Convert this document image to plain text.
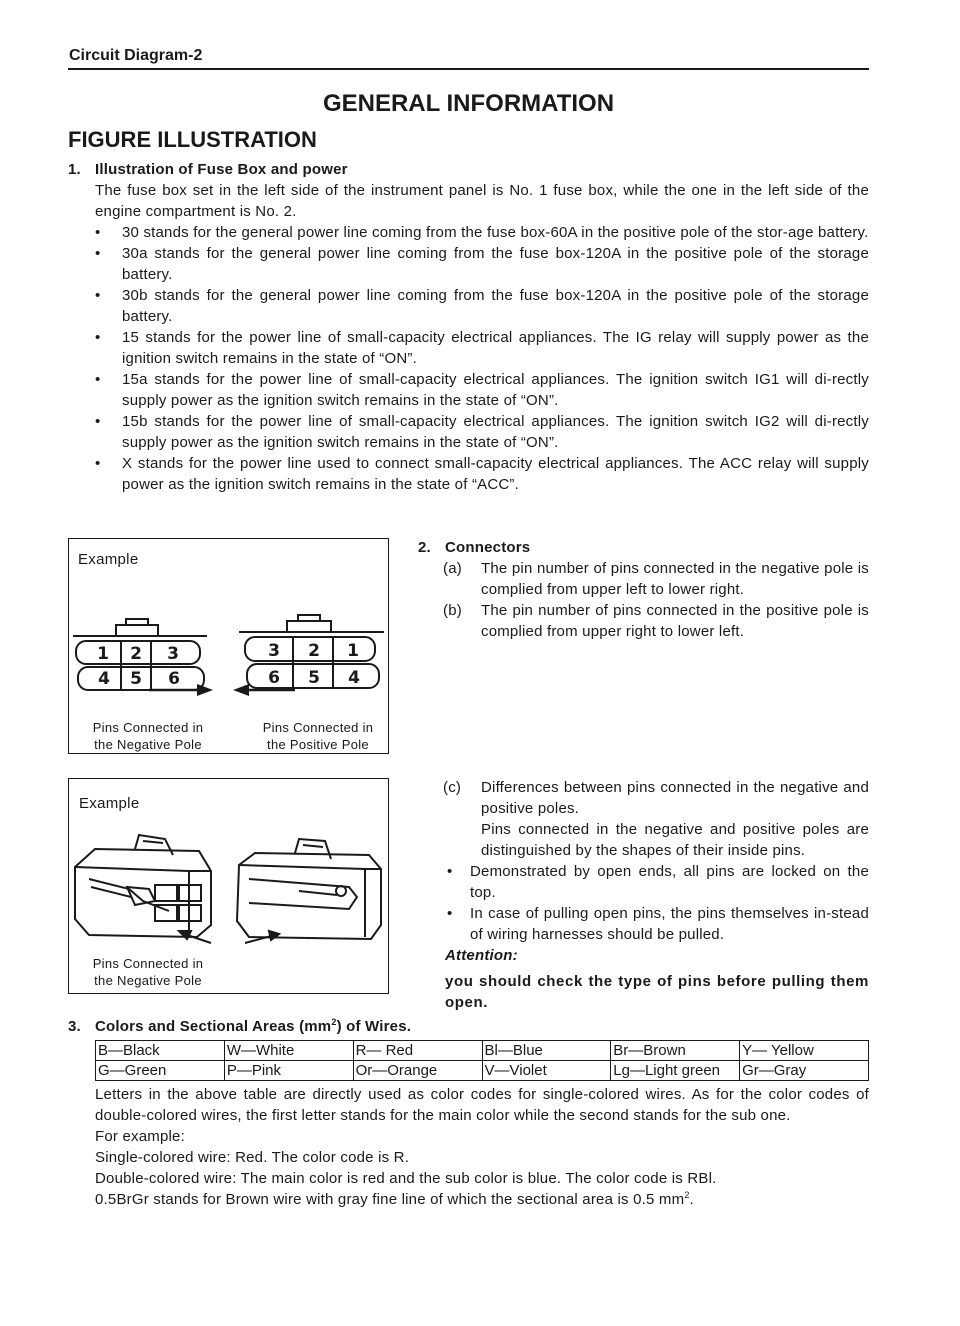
Circuit Diagram-2
GENERAL INFORMATION
FIGURE ILLUSTRATION

1. Illustration of Fuse Box and power

The fuse box set in the left side of the instrument panel is No. 1 fuse box, while the one in the left side of the engine compartment is No. 2.

• 30 stands for the general power line coming from the fuse box-60A in the positive pole of the stor-age battery.
• 30a stands for the general power line coming from the fuse box-120A in the positive pole of the storage battery.
• 30b stands for the general power line coming from the fuse box-120A in the positive pole of the storage battery.
• 15 stands for the power line of small-capacity electrical appliances. The IG relay will supply power as the ignition switch remains in the state of “ON”.
• 15a stands for the power line of small-capacity electrical appliances. The ignition switch IG1 will di-rectly supply power as the ignition switch remains in the state of “ON”.
• 15b stands for the power line of small-capacity electrical appliances. The ignition switch IG2 will di-rectly supply power as the ignition switch remains in the state of “ON”.
• X stands for the power line used to connect small-capacity electrical appliances. The ACC relay will supply power as the ignition switch remains in the state of “ACC”.
Example
1 2 3
4 5 6
3 2 1
6 5 4
Pins Connected in
the Negative Pole
Pins Connected in
the Positive Pole

2. Connectors

(a) The pin number of pins connected in the negative pole is complied from upper left to lower right.
(b) The pin number of pins connected in the positive pole is complied from upper right to lower left.
Example
Pins Connected in
the Negative Pole
(c) Differences between pins connected in the negative and positive poles.
Pins connected in the negative and positive poles are distinguished by the shapes of their inside pins.
• Demonstrated by open ends, all pins are locked on the top.
• In case of pulling open pins, the pins themselves in-stead of wiring harnesses should be pulled.

Attention:

you should check the type of pins before pulling them open.

3. Colors and Sectional Areas $(mm^2)$ of Wires.

B—Black	W—White	R— Red	Bl—Blue	Br—Brown	Y— Yellow
G—Green	P—Pink	Or—Orange	V—Violet	Lg—Light green	Gr—Gray

Letters in the above table are directly used as color codes for single-colored wires. As for the color codes of double-colored wires, the first letter stands for the main color while the second stands for the sub one.

For example:

Single-colored wire: Red. The color code is R.

Double-colored wire: The main color is red and the sub color is blue. The color code is RBl.

0.5BrGr stands for Brown wire with gray fine line of which the sectional area is 0.5 $mm^2$.
